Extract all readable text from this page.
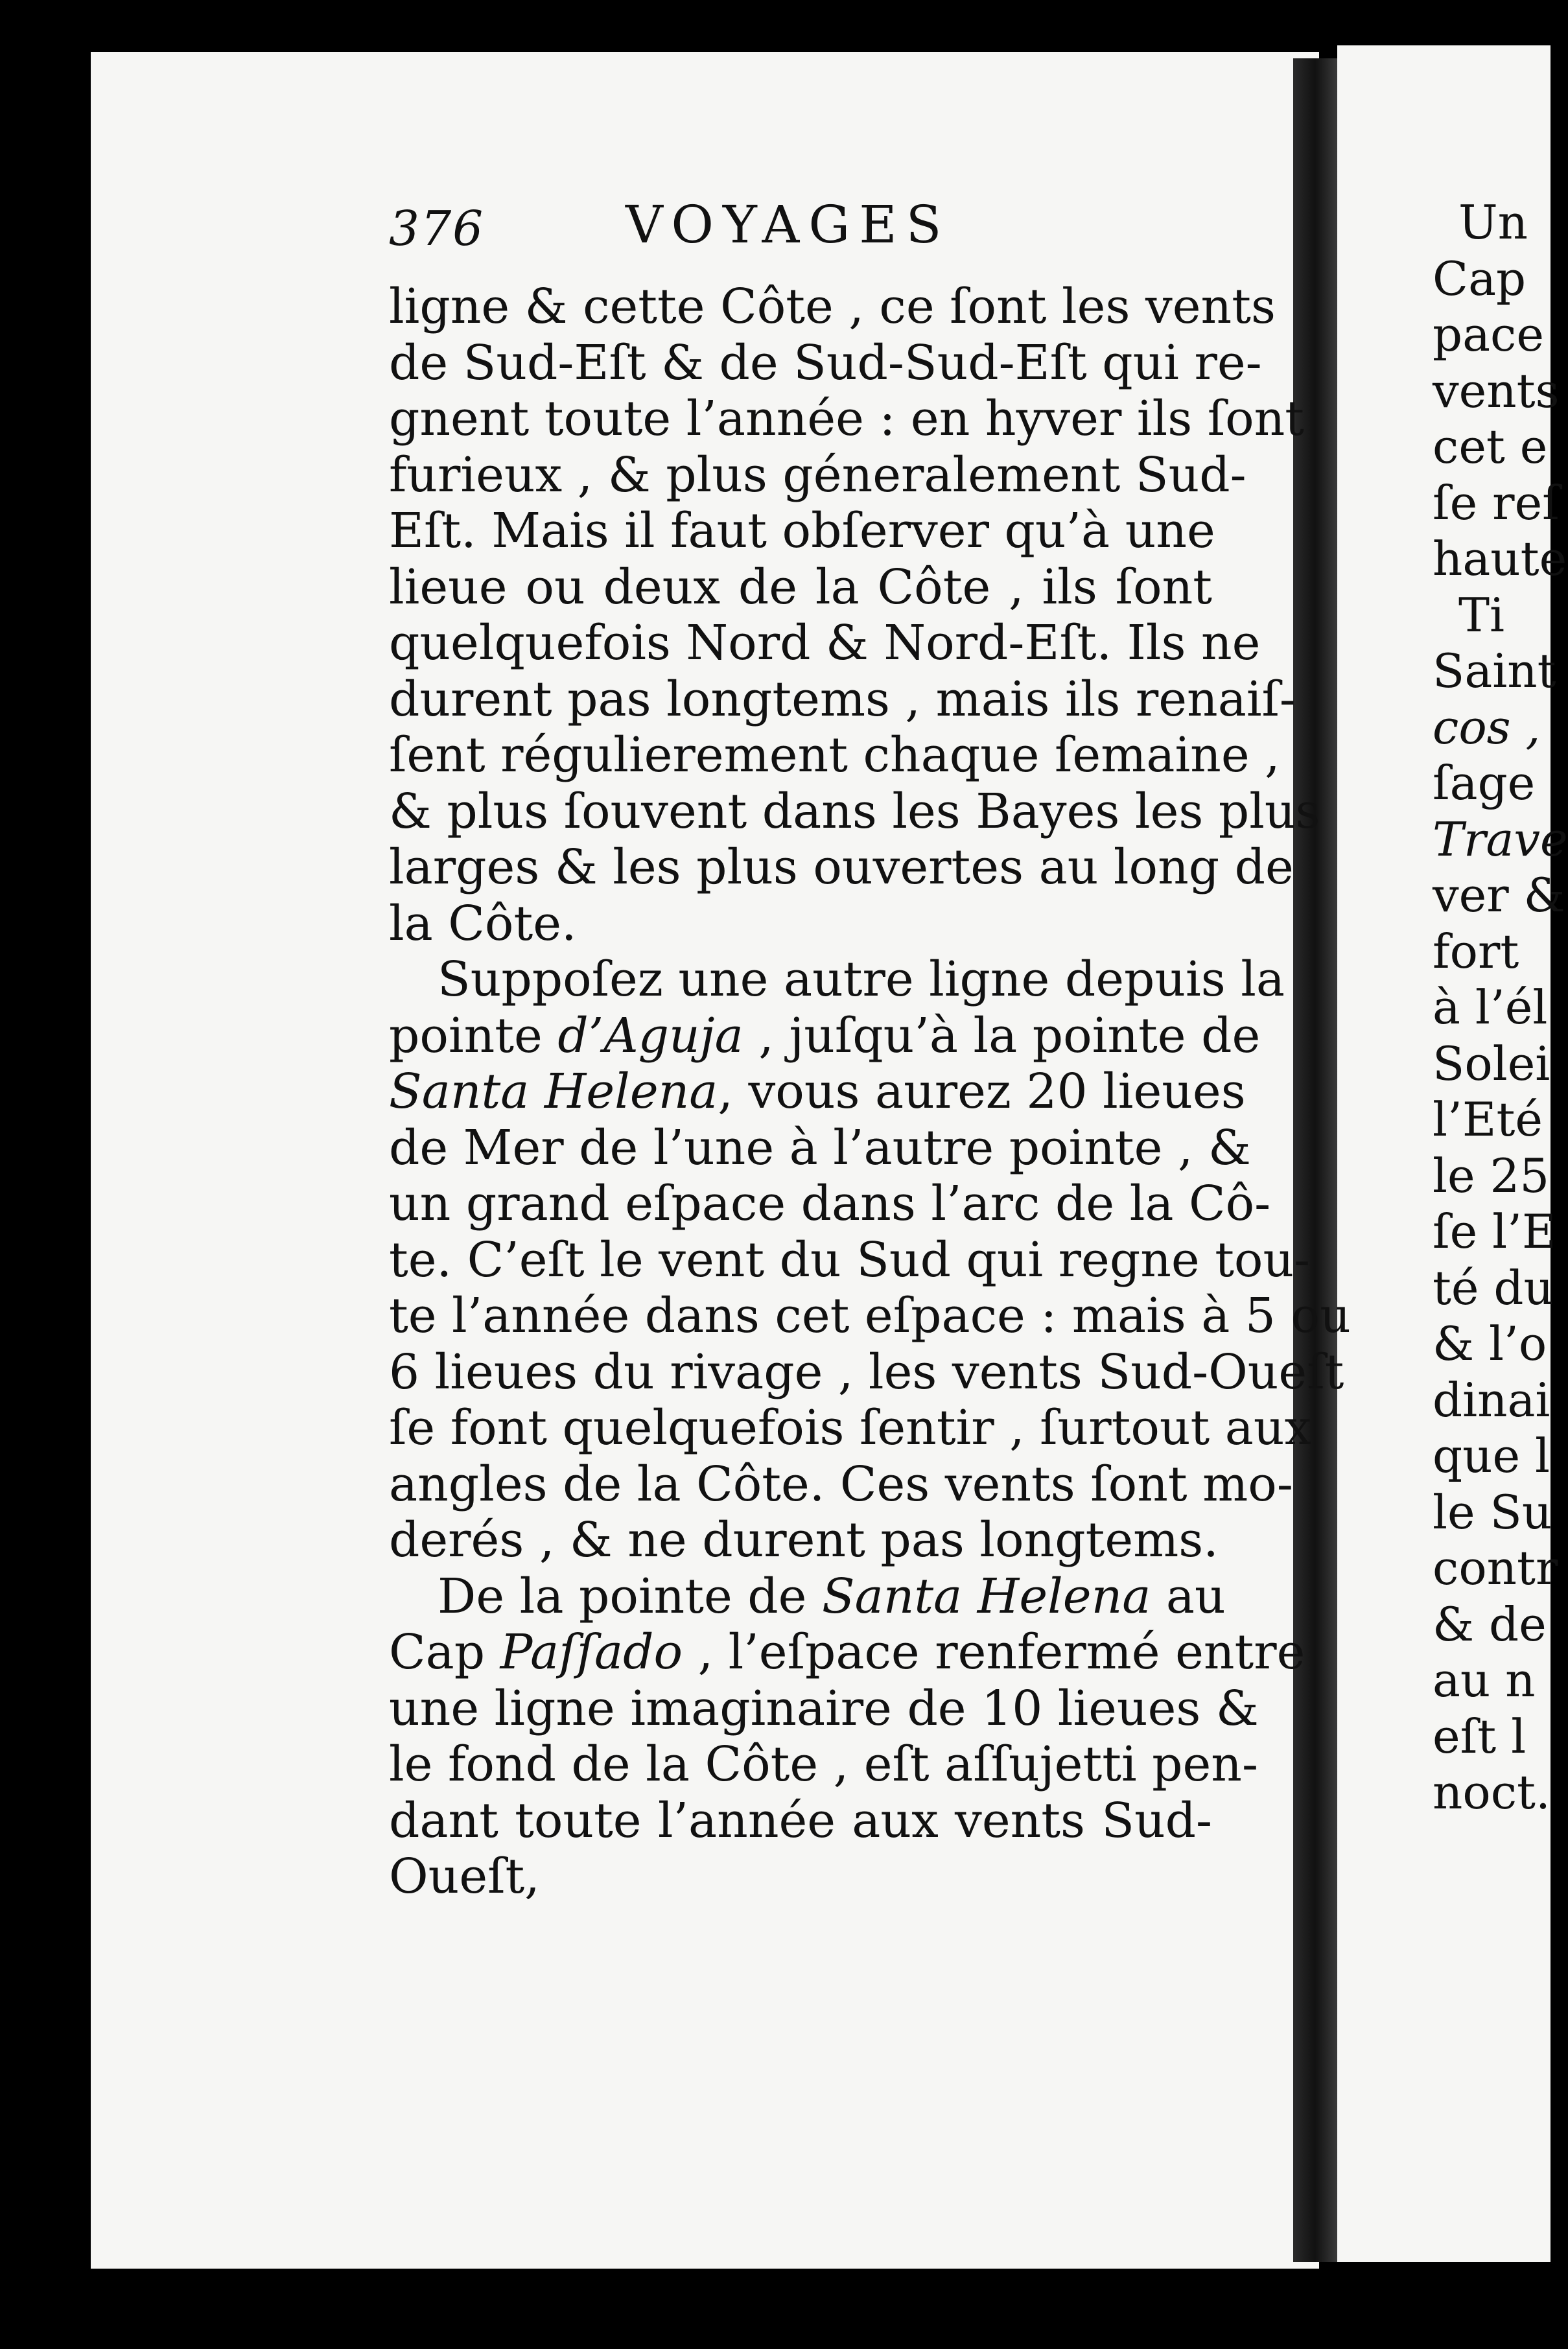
376	VOYAGES
ligne & cette Côte , ce ſont les vents
de Sud-Eſt & de Sud-Sud-Eſt qui re-
gnent toute l’année : en hyver ils ſont
furieux , & plus géneralement Sud-
Eſt. Mais il faut obſerver qu’à une
lieue ou deux de la Côte , ils ſont
quelquefois Nord & Nord-Eſt. Ils ne
durent pas longtems , mais ils renaiſ-
ſent régulierement chaque ſemaine ,
& plus ſouvent dans les Bayes les plus
larges & les plus ouvertes au long de
la Côte.
Suppoſez une autre ligne depuis la
pointe d’Aguja , juſqu’à la pointe de
Santa Helena, vous aurez 20 lieues
de Mer de l’une à l’autre pointe , &
un grand eſpace dans l’arc de la Cô-
te. C’eſt le vent du Sud qui regne tou-
te l’année dans cet eſpace : mais à 5 ou
6 lieues du rivage , les vents Sud-Oueſt
ſe font quelquefois ſentir , ſurtout aux
angles de la Côte. Ces vents ſont mo-
derés , & ne durent pas longtems.
De la pointe de Santa Helena au
Cap Paſſado , l’eſpace renfermé entre
une ligne imaginaire de 10 lieues &
le fond de la Côte , eſt aſſujetti pen-
dant toute l’année aux vents Sud-
Oueſt,
Un
Cap
pace
vents
cet e
ſe reſ
haute
Ti
Saint
cos ,
ſage
Trave
ver &
fort
à l’él
Solei
l’Eté
le 25
ſe l’E
té du
& l’o
dinai
que l
le Su
contr
& de
au n
eſt l
noct.
